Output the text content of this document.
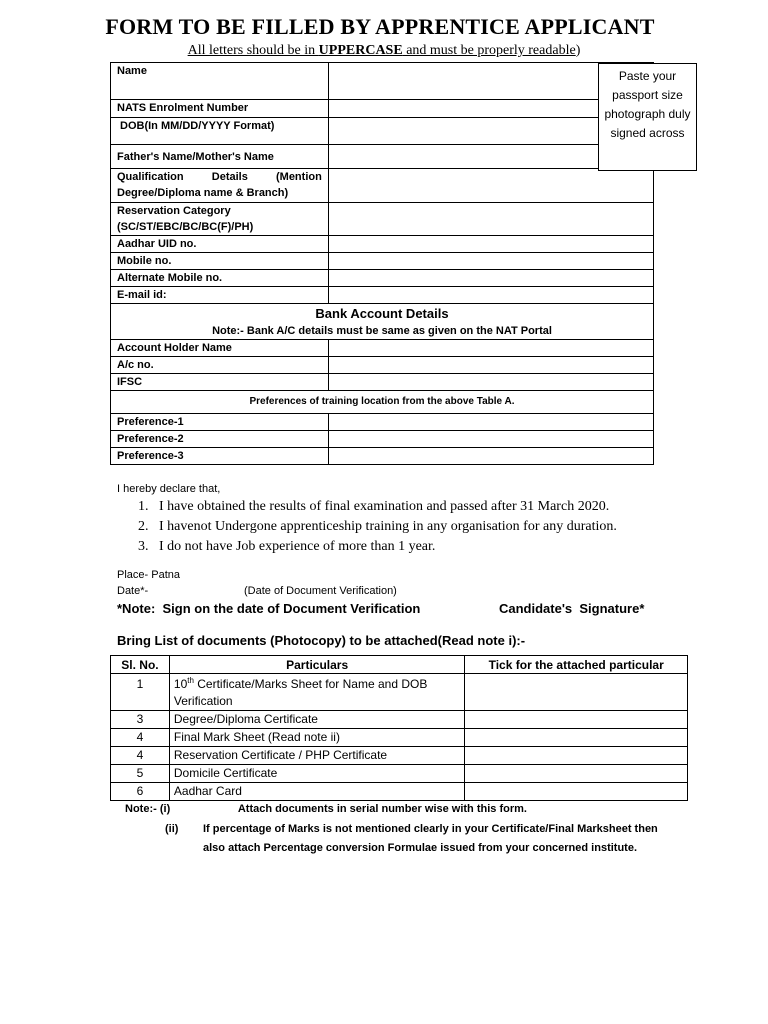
FORM TO BE FILLED BY APPRENTICE APPLICANT
All letters should be in UPPERCASE and must be properly readable)
Name	
NATS Enrolment Number	
DOB(In MM/DD/YYYY Format)	
Father's Name/Mother's Name	
Qualification Details (Mention Degree/Diploma name & Branch)	
Reservation Category (SC/ST/EBC/BC/BC(F)/PH)	
Aadhar UID no.	
Mobile no.	
Alternate Mobile no.	
E-mail id:	

Bank Account Details
Note:- Bank A/C details must be same as given on the NAT Portal	

Account Holder Name	
A/c no.	
IFSC	
Preferences of training location from the above Table A.	
Preference-1	
Preference-2	
Preference-3	
Paste your passport size photograph duly signed across
I hereby declare that,
1. I have obtained the results of final examination and passed after 31 March 2020.
2. I havenot Undergone apprenticeship training in any organisation for any duration.
3. I do not have Job experience of more than 1 year.
Place- Patna
Date*-	(Date of Document Verification)
*Note:  Sign on the date of Document Verification	Candidate's  Signature*
Bring List of documents (Photocopy) to be attached(Read note i):-
Sl. No.	Particulars	Tick for the attached particular
1	10th Certificate/Marks Sheet for Name and DOB Verification	
3	Degree/Diploma Certificate	
4	Final Mark Sheet (Read note ii)	
4	Reservation Certificate / PHP Certificate	
5	Domicile Certificate	
6	Aadhar Card	
Note:- (i)	Attach documents in serial number wise with this form.
(ii) If percentage of Marks is not mentioned clearly in your Certificate/Final Marksheet then also attach Percentage conversion Formulae issued from your concerned institute.
